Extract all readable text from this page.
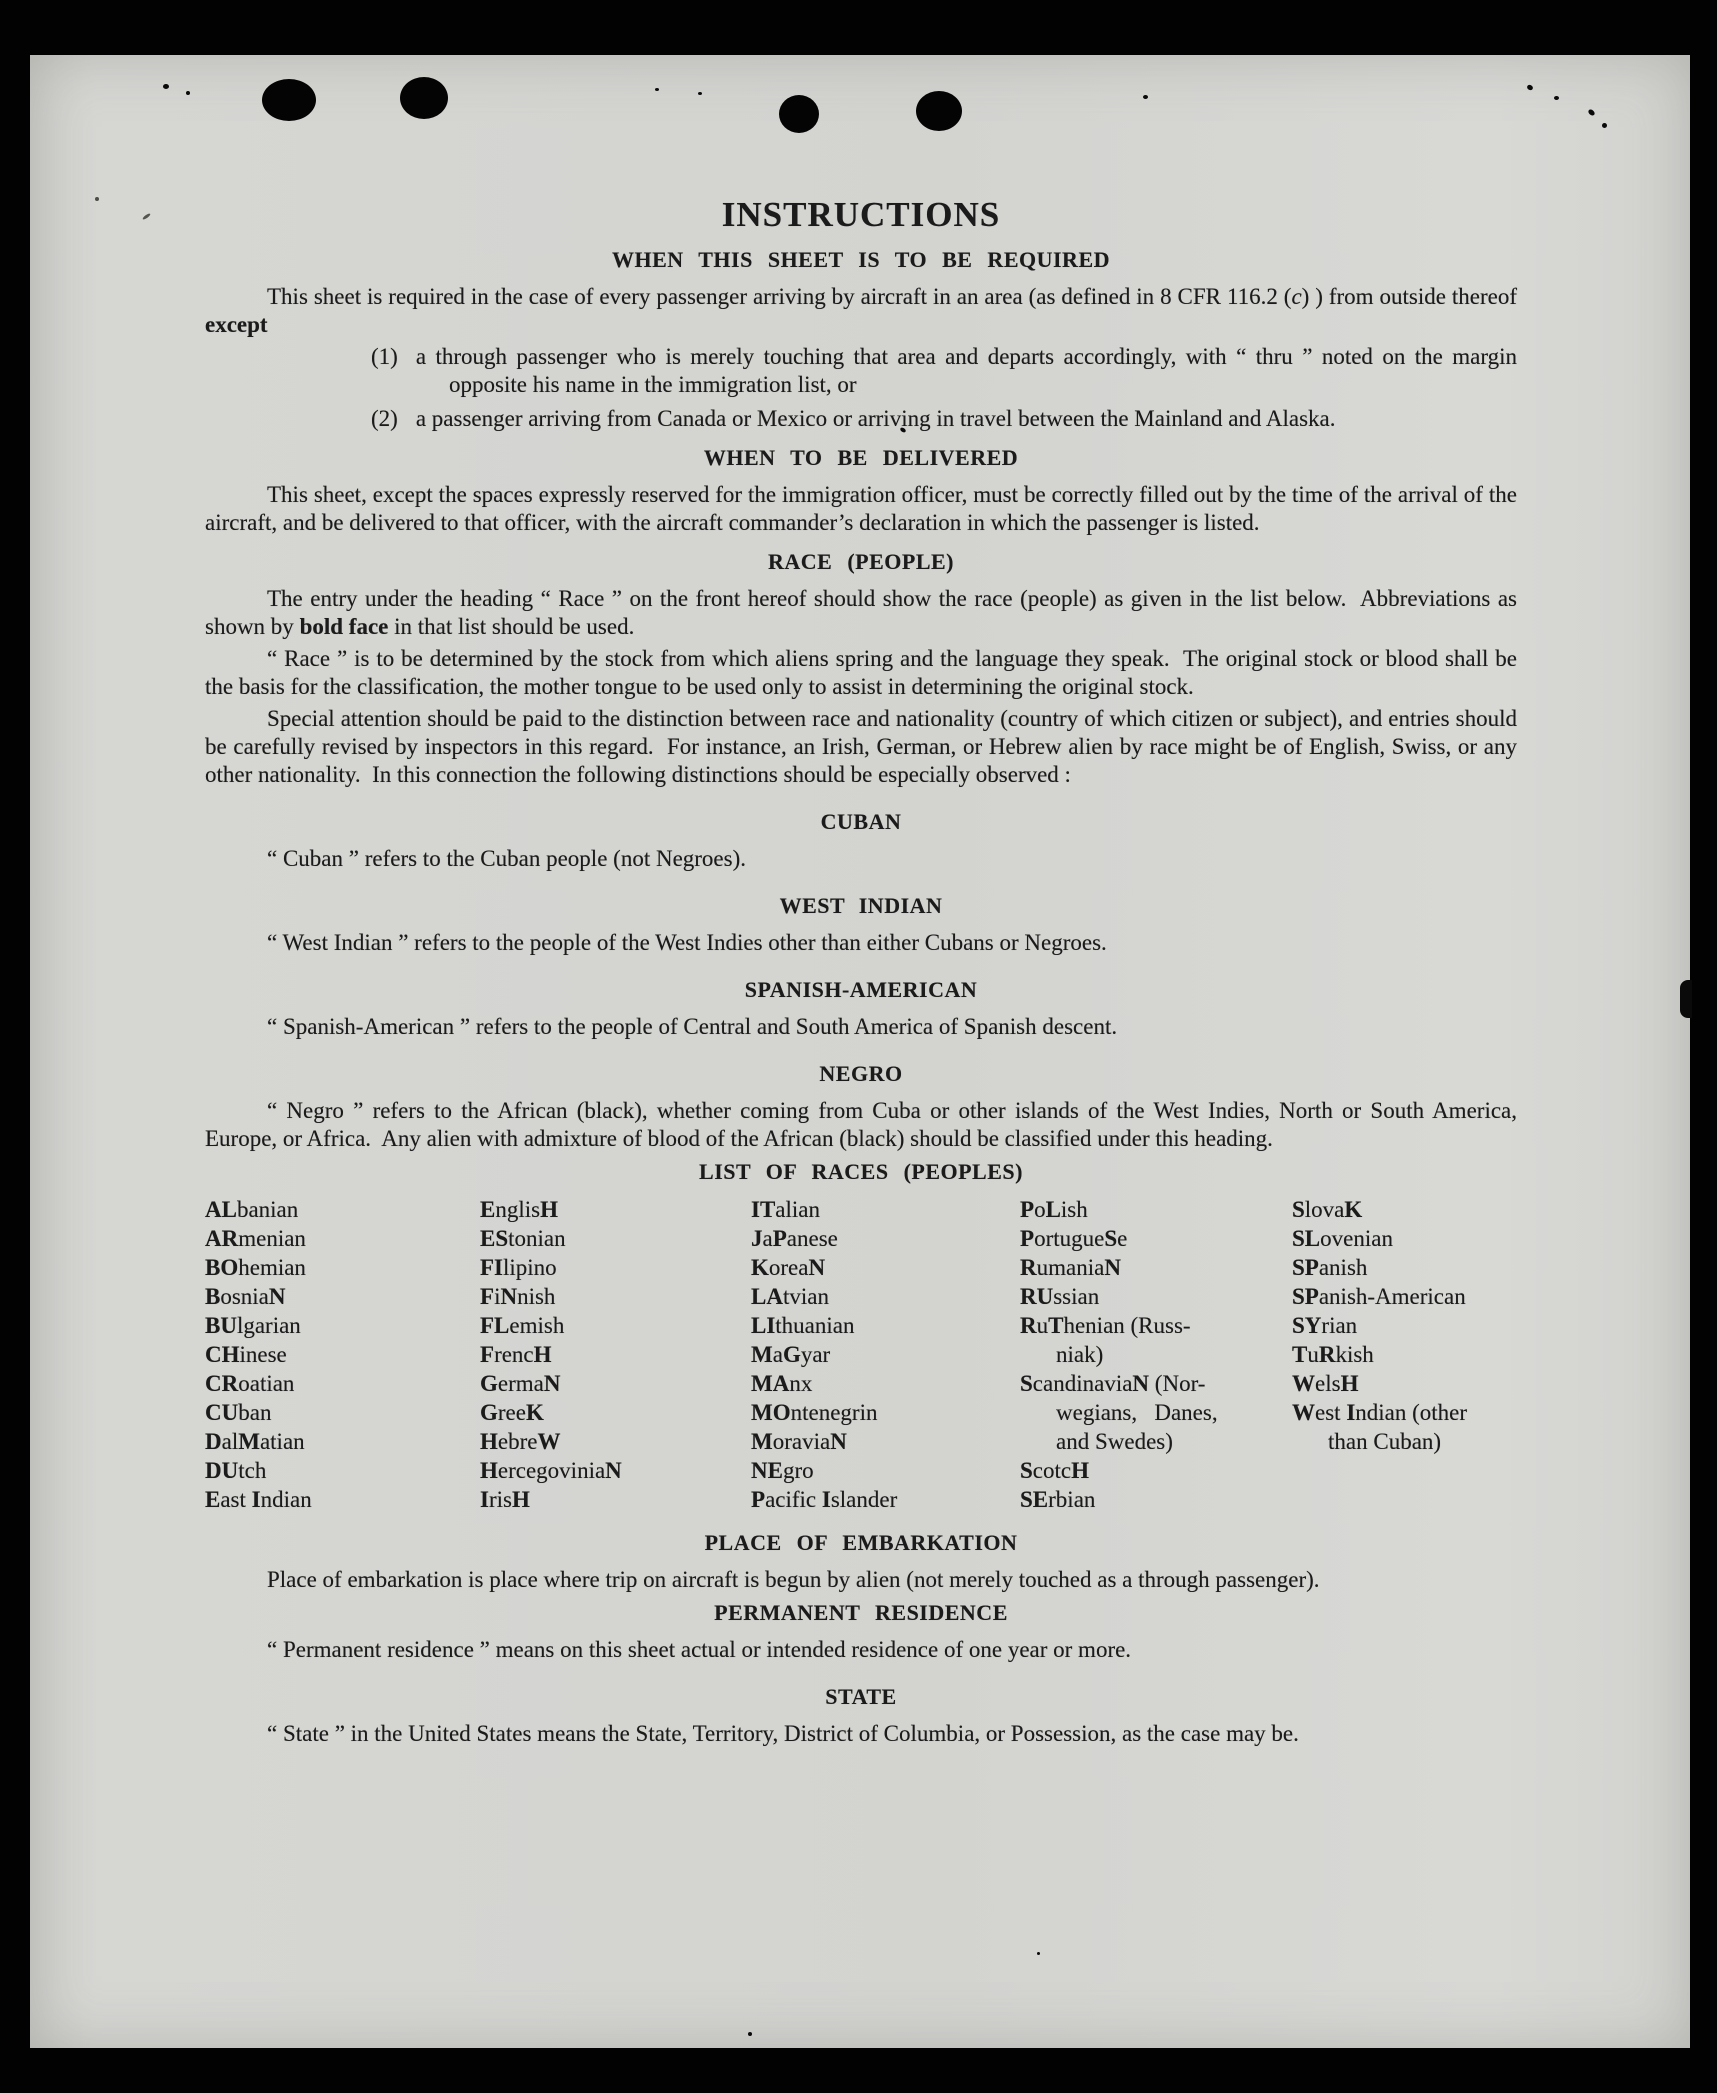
INSTRUCTIONS
WHEN THIS SHEET IS TO BE REQUIRED

This sheet is required in the case of every passenger arriving by aircraft in an area (as defined in 8 CFR 116.2 (c) ) from outside thereof except

(1) a through passenger who is merely touching that area and departs accordingly, with “ thru ” noted on the margin opposite his name in the immigration list, or
(2) a passenger arriving from Canada or Mexico or arriving in travel between the Mainland and Alaska.
WHEN TO BE DELIVERED

This sheet, except the spaces expressly reserved for the immigration officer, must be correctly filled out by the time of the arrival of the aircraft, and be delivered to that officer, with the aircraft commander’s declaration in which the passenger is listed.

RACE (PEOPLE)

The entry under the heading “ Race ” on the front hereof should show the race (people) as given in the list below.  Abbreviations as shown by bold face in that list should be used.

“ Race ” is to be determined by the stock from which aliens spring and the language they speak.  The original stock or blood shall be the basis for the classification, the mother tongue to be used only to assist in determining the original stock.

Special attention should be paid to the distinction between race and nationality (country of which citizen or subject), and entries should be carefully revised by inspectors in this regard.  For instance, an Irish, German, or Hebrew alien by race might be of English, Swiss, or any other nationality.  In this connection the following distinctions should be especially observed :

CUBAN

“ Cuban ” refers to the Cuban people (not Negroes).

WEST INDIAN

“ West Indian ” refers to the people of the West Indies other than either Cubans or Negroes.

SPANISH-AMERICAN

“ Spanish-American ” refers to the people of Central and South America of Spanish descent.

NEGRO

“ Negro ” refers to the African (black), whether coming from Cuba or other islands of the West Indies, North or South America, Europe, or Africa.  Any alien with admixture of blood of the African (black) should be classified under this heading.

LIST OF RACES (PEOPLES)
ALbanian
ARmenian
BOhemian
BosniaN
BUlgarian
CHinese
CRoatian
CUban
DalMatian
DUtch
East Indian
EnglisH
EStonian
FIlipino
FiNnish
FLemish
FrencH
GermaN
GreeK
HebreW
HercegoviniaN
IrisH
ITalian
JaPanese
KoreaN
LAtvian
LIthuanian
MaGyar
MAnx
MOntenegrin
MoraviaN
NEgro
Pacific Islander
PoLish
PortugueSe
RumaniaN
RUssian
RuThenian (Russ-
niak)
ScandinaviaN (Nor-
wegians,  Danes,
and Swedes)
ScotcH
SErbian
SlovaK
SLovenian
SPanish
SPanish-American
SYrian
TuRkish
WelsH
West Indian (other
than Cuban)
PLACE OF EMBARKATION

Place of embarkation is place where trip on aircraft is begun by alien (not merely touched as a through passenger).

PERMANENT RESIDENCE

“ Permanent residence ” means on this sheet actual or intended residence of one year or more.

STATE

“ State ” in the United States means the State, Territory, District of Columbia, or Possession, as the case may be.
